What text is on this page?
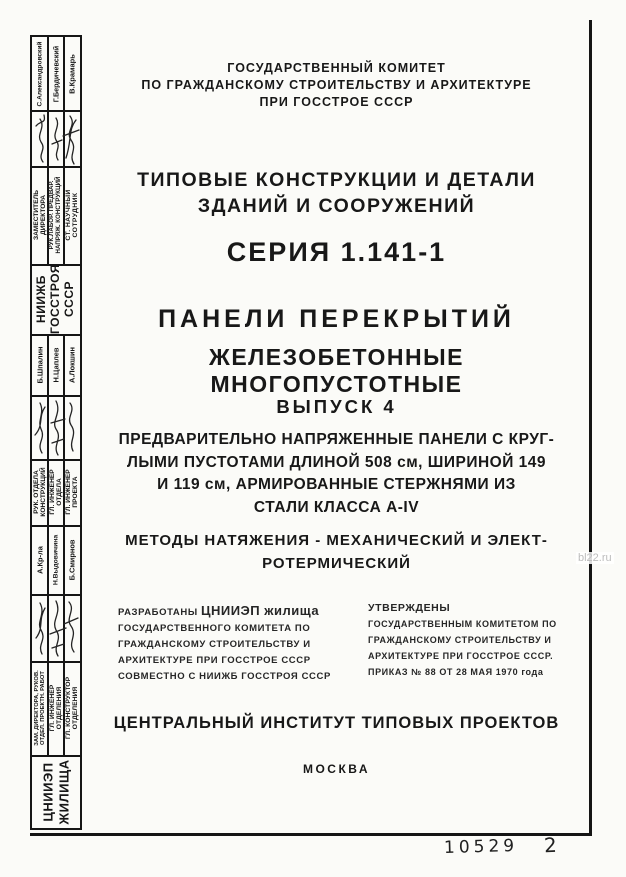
С.Александровский Г.Бердичевский В.Крамарь
ЗАМЕСТИТЕЛЬ ДИРЕКТОРА РУК.ЛАБОР. ПРЕДВАР. НАПРЯЖ. КОНСТРУКЦИЙ СТ. НАУЧНЫЙ СОТРУДНИК
НИИЖБ ГОССТРОЯ СССР
Б.Шпалин Н.Цаплев А.Локшин
РУК. ОТДЕЛА КОНСТРУКЦИЙ ГЛ. ИНЖЕНЕР ОТДЕЛА ГЛ. ИНЖЕНЕР ПРОЕКТА
А.Кр-ла Н.Выдовичина Б.Смирнов
ЗАМ. ДИРЕКТОРА, РУКОВ. ОТДЕЛ. ПРОЕКТН. РАБОТ ГЛ. ИНЖЕНЕР ОТДЕЛЕНИЯ ГЛ. КОНСТРУКТОР ОТДЕЛЕНИЯ
ЦНИИЭП ЖИЛИЩА
ГОСУДАРСТВЕННЫЙ КОМИТЕТ
ПО ГРАЖДАНСКОМУ СТРОИТЕЛЬСТВУ И АРХИТЕКТУРЕ
ПРИ ГОССТРОЕ СССР
ТИПОВЫЕ КОНСТРУКЦИИ И ДЕТАЛИ
ЗДАНИЙ И СООРУЖЕНИЙ
СЕРИЯ 1.141-1
ПАНЕЛИ ПЕРЕКРЫТИЙ
ЖЕЛЕЗОБЕТОННЫЕ МНОГОПУСТОТНЫЕ
ВЫПУСК 4
ПРЕДВАРИТЕЛЬНО НАПРЯЖЕННЫЕ ПАНЕЛИ С КРУГ-
ЛЫМИ ПУСТОТАМИ ДЛИНОЙ 508 см, ШИРИНОЙ 149
И 119 см, АРМИРОВАННЫЕ СТЕРЖНЯМИ ИЗ
СТАЛИ КЛАССА А-IV
МЕТОДЫ НАТЯЖЕНИЯ - МЕХАНИЧЕСКИЙ И ЭЛЕКТ-
РОТЕРМИЧЕСКИЙ
РАЗРАБОТАНЫ ЦНИИЭП жилища
ГОСУДАРСТВЕННОГО КОМИТЕТА ПО
ГРАЖДАНСКОМУ СТРОИТЕЛЬСТВУ И
АРХИТЕКТУРЕ ПРИ ГОССТРОЕ СССР
СОВМЕСТНО С НИИЖБ ГОССТРОЯ СССР
УТВЕРЖДЕНЫ
ГОСУДАРСТВЕННЫМ КОМИТЕТОМ ПО
ГРАЖДАНСКОМУ СТРОИТЕЛЬСТВУ И
АРХИТЕКТУРЕ ПРИ ГОССТРОЕ СССР.
ПРИКАЗ № 88 ОТ 28 МАЯ 1970 года
ЦЕНТРАЛЬНЫЙ ИНСТИТУТ ТИПОВЫХ ПРОЕКТОВ
МОСКВА
10529 2
bl22.ru
